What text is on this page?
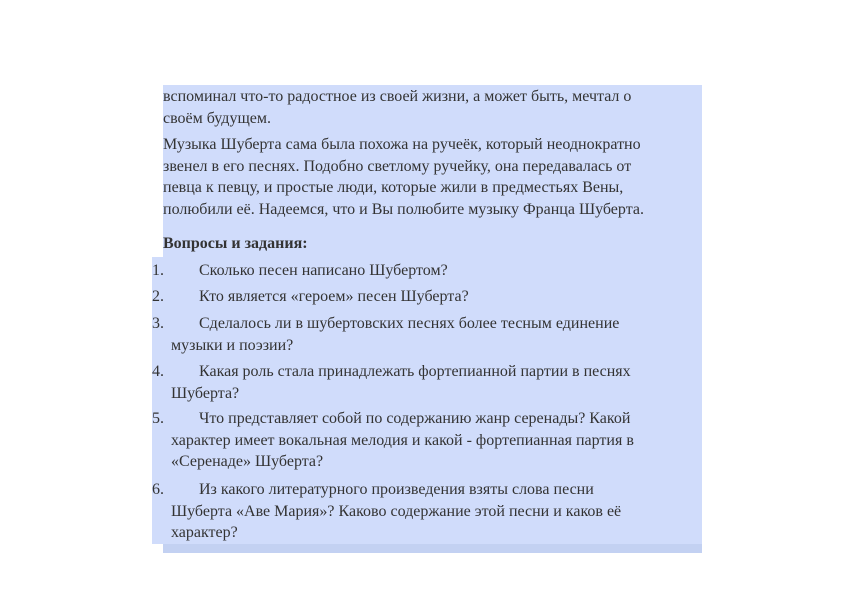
вспоминал что-то радостное из своей жизни, а может быть, мечтал о
своём будущем.
Музыка Шуберта сама была похожа на ручеёк, который неоднократно
звенел в его песнях. Подобно светлому ручейку, она передавалась от
певца к певцу, и простые люди, которые жили в предместьях Вены,
полюбили её. Надеемся, что и Вы полюбите музыку Франца Шуберта.
Вопросы и задания:
1.	Сколько песен написано Шубертом?
2.	Кто является «героем» песен Шуберта?
3.	Сделалось ли в шубертовских песнях более тесным единение
музыки и поэзии?
4.	Какая роль стала принадлежать фортепианной партии в песнях
Шуберта?
5.	Что представляет собой по содержанию жанр серенады? Какой
характер имеет вокальная мелодия и какой - фортепианная партия в
«Серенаде» Шуберта?
6.	Из какого литературного произведения взяты слова песни
Шуберта «Аве Мария»? Каково содержание этой песни и каков её
характер?
